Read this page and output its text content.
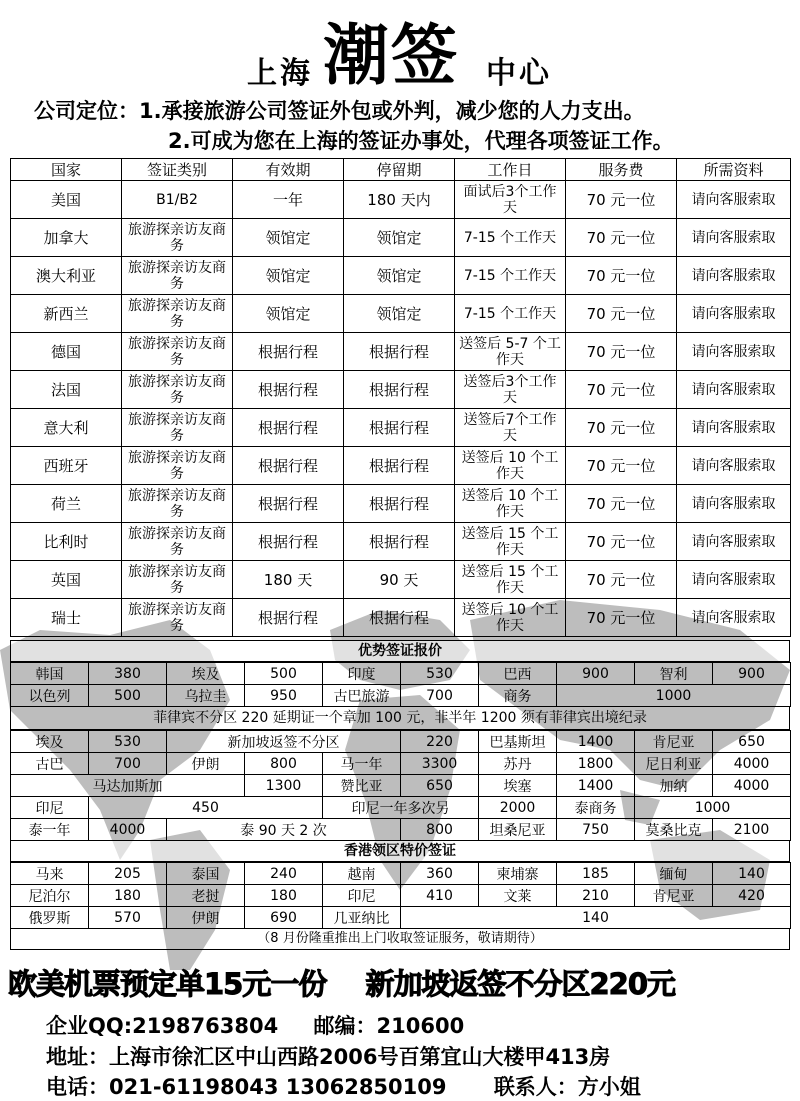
上海 潮签 中心
公司定位：1.承接旅游公司签证外包或外判，减少您的人力支出。
2.可成为您在上海的签证办事处，代理各项签证工作。
国家	签证类别	有效期	停留期	工作日	服务费	所需资料
美国	B1/B2	一年	180 天内	面试后3个工作天	70 元一位	请向客服索取
加拿大	旅游探亲访友商务	领馆定	领馆定	7-15 个工作天	70 元一位	请向客服索取
澳大利亚	旅游探亲访友商务	领馆定	领馆定	7-15 个工作天	70 元一位	请向客服索取
新西兰	旅游探亲访友商务	领馆定	领馆定	7-15 个工作天	70 元一位	请向客服索取
德国	旅游探亲访友商务	根据行程	根据行程	送签后 5-7 个工作天	70 元一位	请向客服索取
法国	旅游探亲访友商务	根据行程	根据行程	送签后3个工作天	70 元一位	请向客服索取
意大利	旅游探亲访友商务	根据行程	根据行程	送签后7个工作天	70 元一位	请向客服索取
西班牙	旅游探亲访友商务	根据行程	根据行程	送签后 10 个工作天	70 元一位	请向客服索取
荷兰	旅游探亲访友商务	根据行程	根据行程	送签后 10 个工作天	70 元一位	请向客服索取
比利时	旅游探亲访友商务	根据行程	根据行程	送签后 15 个工作天	70 元一位	请向客服索取
英国	旅游探亲访友商务	180 天	90 天	送签后 15 个工作天	70 元一位	请向客服索取
瑞士	旅游探亲访友商务	根据行程	根据行程	送签后 10 个工作天	70 元一位	请向客服索取
优势签证报价
韩国	380	埃及	500	印度	530	巴西	900	智利	900
以色列	500	乌拉圭	950	古巴旅游	700	商务	1000		
菲律宾不分区 220 延期证一个章加 100 元，非半年 1200 须有菲律宾出境纪录
埃及	530	新加坡返签不分区			220	巴基斯坦	1400	肯尼亚	650
古巴	700	伊朗	800	马一年	3300	苏丹	1800	尼日利亚	4000
马达加斯加			1300	赞比亚	650	埃塞	1400	加纳	4000
印尼	450			印尼一年多次另		2000	泰商务	1000	
泰一年	4000	泰 90 天 2 次			800	坦桑尼亚	750	莫桑比克	2100
香港领区特价签证
马来	205	泰国	240	越南	360	柬埔寨	185	缅甸	140
尼泊尔	180	老挝	180	印尼	410	文莱	210	肯尼亚	420
俄罗斯	570	伊朗	690	几亚纳比	140				
（8 月份隆重推出上门收取签证服务，敬请期待）
欧美机票预定单15元一份 新加坡返签不分区220元
企业QQ:2198763804 邮编：210600
地址：上海市徐汇区中山西路2006号百第宜山大楼甲413房
电话：021-61198043 13062850109 联系人：方小姐
